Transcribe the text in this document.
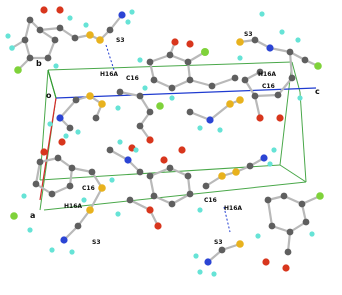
b
o	c
a
S3
H16A
C16
S3
H16A
C16
C16
H16A
C16
H16A
S3	S3
